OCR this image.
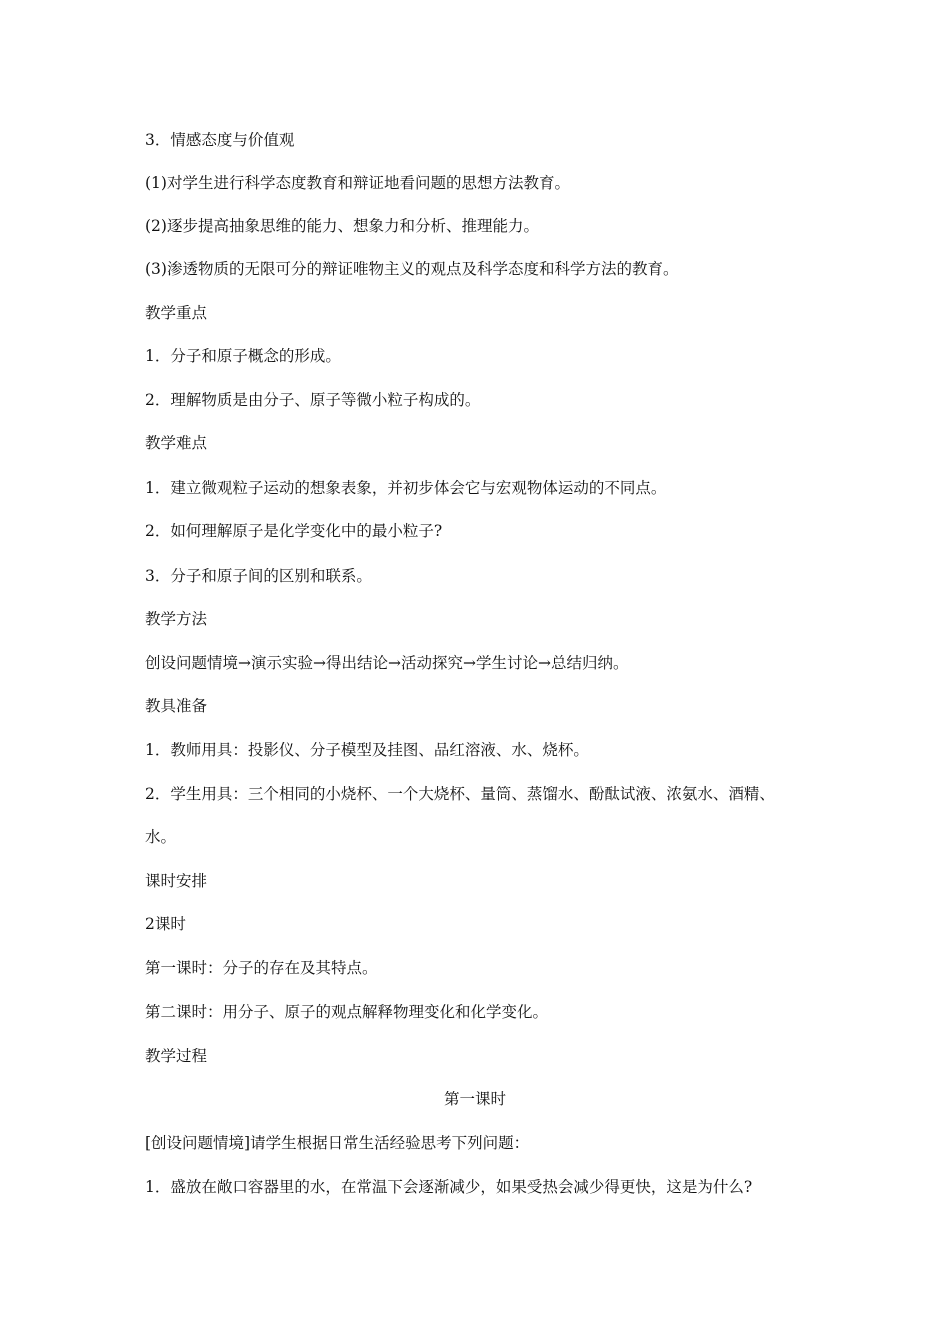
3．情感态度与价值观
(1)对学生进行科学态度教育和辩证地看问题的思想方法教育。
(2)逐步提高抽象思维的能力、想象力和分析、推理能力。
(3)渗透物质的无限可分的辩证唯物主义的观点及科学态度和科学方法的教育。
教学重点
1．分子和原子概念的形成。
2．理解物质是由分子、原子等微小粒子构成的。
教学难点
1．建立微观粒子运动的想象表象，并初步体会它与宏观物体运动的不同点。
2．如何理解原子是化学变化中的最小粒子?
3．分子和原子间的区别和联系。
教学方法
创设问题情境→演示实验→得出结论→活动探究→学生讨论→总结归纳。
教具准备
1．教师用具：投影仪、分子模型及挂图、品红溶液、水、烧杯。
2．学生用具：三个相同的小烧杯、一个大烧杯、量筒、蒸馏水、酚酞试液、浓氨水、酒精、
水。
课时安排
2课时
第一课时：分子的存在及其特点。
第二课时：用分子、原子的观点解释物理变化和化学变化。
教学过程
第一课时
[创设问题情境]请学生根据日常生活经验思考下列问题：
1．盛放在敞口容器里的水，在常温下会逐渐减少，如果受热会减少得更快，这是为什么?
